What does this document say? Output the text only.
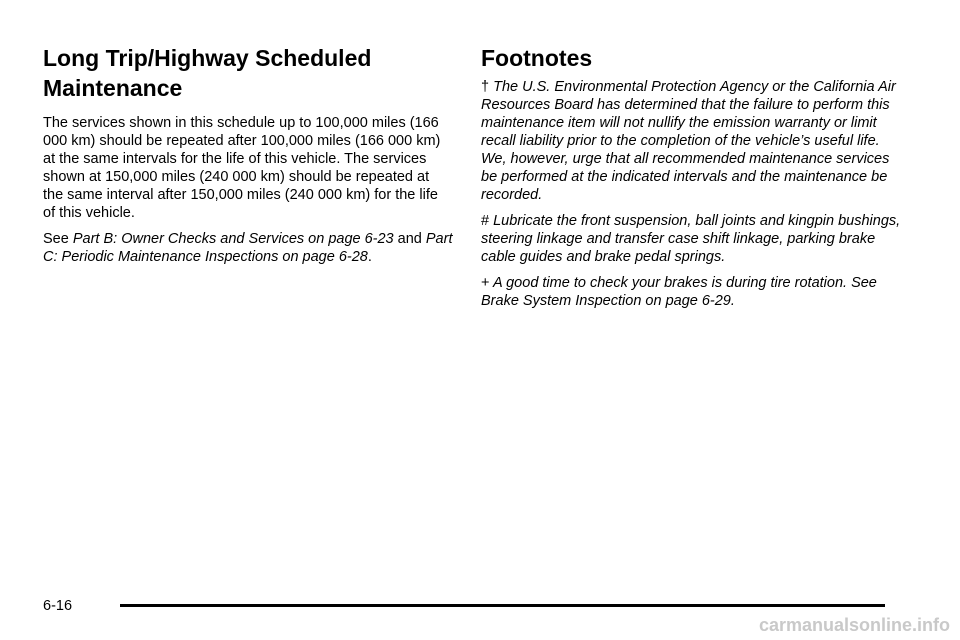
Long Trip/Highway Scheduled
Maintenance

The services shown in this schedule up to 100,000 miles (166 000 km) should be repeated after 100,000 miles (166 000 km) at the same intervals for the life of this vehicle. The services shown at 150,000 miles (240 000 km) should be repeated at the same interval after 150,000 miles (240 000 km) for the life of this vehicle.

See Part B: Owner Checks and Services on page 6-23 and Part C: Periodic Maintenance Inspections on page 6-28.

Footnotes

† The U.S. Environmental Protection Agency or the California Air Resources Board has determined that the failure to perform this maintenance item will not nullify the emission warranty or limit recall liability prior to the completion of the vehicle’s useful life. We, however, urge that all recommended maintenance services be performed at the indicated intervals and the maintenance be recorded.

# Lubricate the front suspension, ball joints and kingpin bushings, steering linkage and transfer case shift linkage, parking brake cable guides and brake pedal springs.

+ A good time to check your brakes is during tire rotation. See Brake System Inspection on page 6-29.

6-16
carmanualsonline.info
